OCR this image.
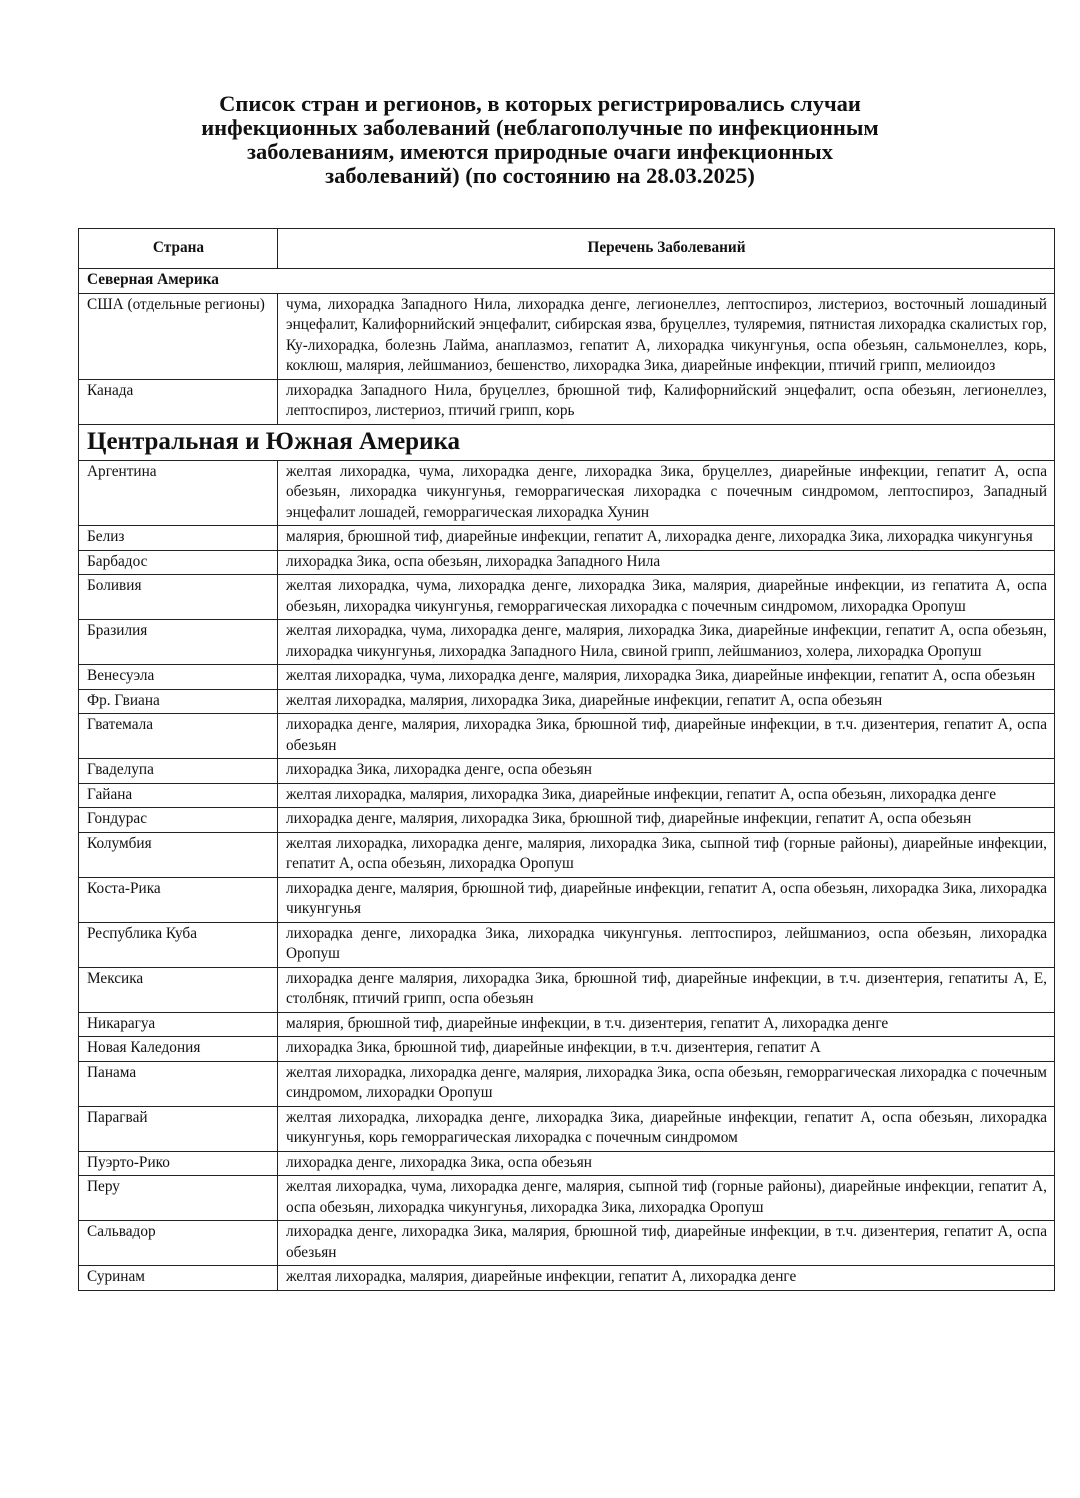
Список стран и регионов, в которых регистрировались случаи
инфекционных заболеваний (неблагополучные по инфекционным
заболеваниям, имеются природные очаги инфекционных
заболеваний) (по состоянию на 28.03.2025)
Страна	Перечень Заболеваний
Северная Америка	
США (отдельные регионы)	чума, лихорадка Западного Нила, лихорадка денге, легионеллез, лептоспироз, листериоз, восточный лошадиный энцефалит, Калифорнийский энцефалит, сибирская язва, бруцеллез, туляремия, пятнистая лихорадка скалистых гор, Ку-лихорадка, болезнь Лайма, анаплазмоз, гепатит А, лихорадка чикунгунья, оспа обезьян, сальмонеллез, корь, коклюш, малярия, лейшманиоз, бешенство, лихорадка Зика, диарейные инфекции, птичий грипп, мелиоидоз
Канада	лихорадка Западного Нила, бруцеллез, брюшной тиф, Калифорнийский энцефалит, оспа обезьян, легионеллез, лептоспироз, листериоз, птичий грипп, корь
Центральная и Южная Америка	
Аргентина	желтая лихорадка, чума, лихорадка денге, лихорадка Зика, бруцеллез, диарейные инфекции, гепатит А, оспа обезьян, лихорадка чикунгунья, геморрагическая лихорадка с почечным синдромом, лептоспироз, Западный энцефалит лошадей, геморрагическая лихорадка Хунин
Белиз	малярия, брюшной тиф, диарейные инфекции, гепатит А, лихорадка денге, лихорадка Зика, лихорадка чикунгунья
Барбадос	лихорадка Зика, оспа обезьян, лихорадка Западного Нила
Боливия	желтая лихорадка, чума, лихорадка денге, лихорадка Зика, малярия, диарейные инфекции, из гепатита А, оспа обезьян, лихорадка чикунгунья, геморрагическая лихорадка с почечным синдромом, лихорадка Оропуш
Бразилия	желтая лихорадка, чума, лихорадка денге, малярия, лихорадка Зика, диарейные инфекции, гепатит А, оспа обезьян, лихорадка чикунгунья, лихорадка Западного Нила, свиной грипп, лейшманиоз, холера, лихорадка Оропуш
Венесуэла	желтая лихорадка, чума, лихорадка денге, малярия, лихорадка Зика, диарейные инфекции, гепатит А, оспа обезьян
Фр. Гвиана	желтая лихорадка, малярия, лихорадка Зика, диарейные инфекции, гепатит А, оспа обезьян
Гватемала	лихорадка денге, малярия, лихорадка Зика, брюшной тиф, диарейные инфекции, в т.ч. дизентерия, гепатит А, оспа обезьян
Гваделупа	лихорадка Зика, лихорадка денге, оспа обезьян
Гайана	желтая лихорадка, малярия, лихорадка Зика, диарейные инфекции, гепатит А, оспа обезьян, лихорадка денге
Гондурас	лихорадка денге, малярия, лихорадка Зика, брюшной тиф, диарейные инфекции, гепатит А, оспа обезьян
Колумбия	желтая лихорадка, лихорадка денге, малярия, лихорадка Зика, сыпной тиф (горные районы), диарейные инфекции, гепатит А, оспа обезьян, лихорадка Оропуш
Коста-Рика	лихорадка денге, малярия, брюшной тиф, диарейные инфекции, гепатит А, оспа обезьян, лихорадка Зика, лихорадка чикунгунья
Республика Куба	лихорадка денге, лихорадка Зика, лихорадка чикунгунья. лептоспироз, лейшманиоз, оспа обезьян, лихорадка Оропуш
Мексика	лихорадка денге малярия, лихорадка Зика, брюшной тиф, диарейные инфекции, в т.ч. дизентерия, гепатиты А, Е, столбняк, птичий грипп, оспа обезьян
Никарагуа	малярия, брюшной тиф, диарейные инфекции, в т.ч. дизентерия, гепатит А, лихорадка денге
Новая Каледония	лихорадка Зика, брюшной тиф, диарейные инфекции, в т.ч. дизентерия, гепатит А
Панама	желтая лихорадка, лихорадка денге, малярия, лихорадка Зика, оспа обезьян, геморрагическая лихорадка с почечным синдромом, лихорадки Оропуш
Парагвай	желтая лихорадка, лихорадка денге, лихорадка Зика, диарейные инфекции, гепатит А, оспа обезьян, лихорадка чикунгунья, корь геморрагическая лихорадка с почечным синдромом
Пуэрто-Рико	лихорадка денге, лихорадка Зика, оспа обезьян
Перу	желтая лихорадка, чума, лихорадка денге, малярия, сыпной тиф (горные районы), диарейные инфекции, гепатит А, оспа обезьян, лихорадка чикунгунья, лихорадка Зика, лихорадка Оропуш
Сальвадор	лихорадка денге, лихорадка Зика, малярия, брюшной тиф, диарейные инфекции, в т.ч. дизентерия, гепатит А, оспа обезьян
Суринам	желтая лихорадка, малярия, диарейные инфекции, гепатит А, лихорадка денге
